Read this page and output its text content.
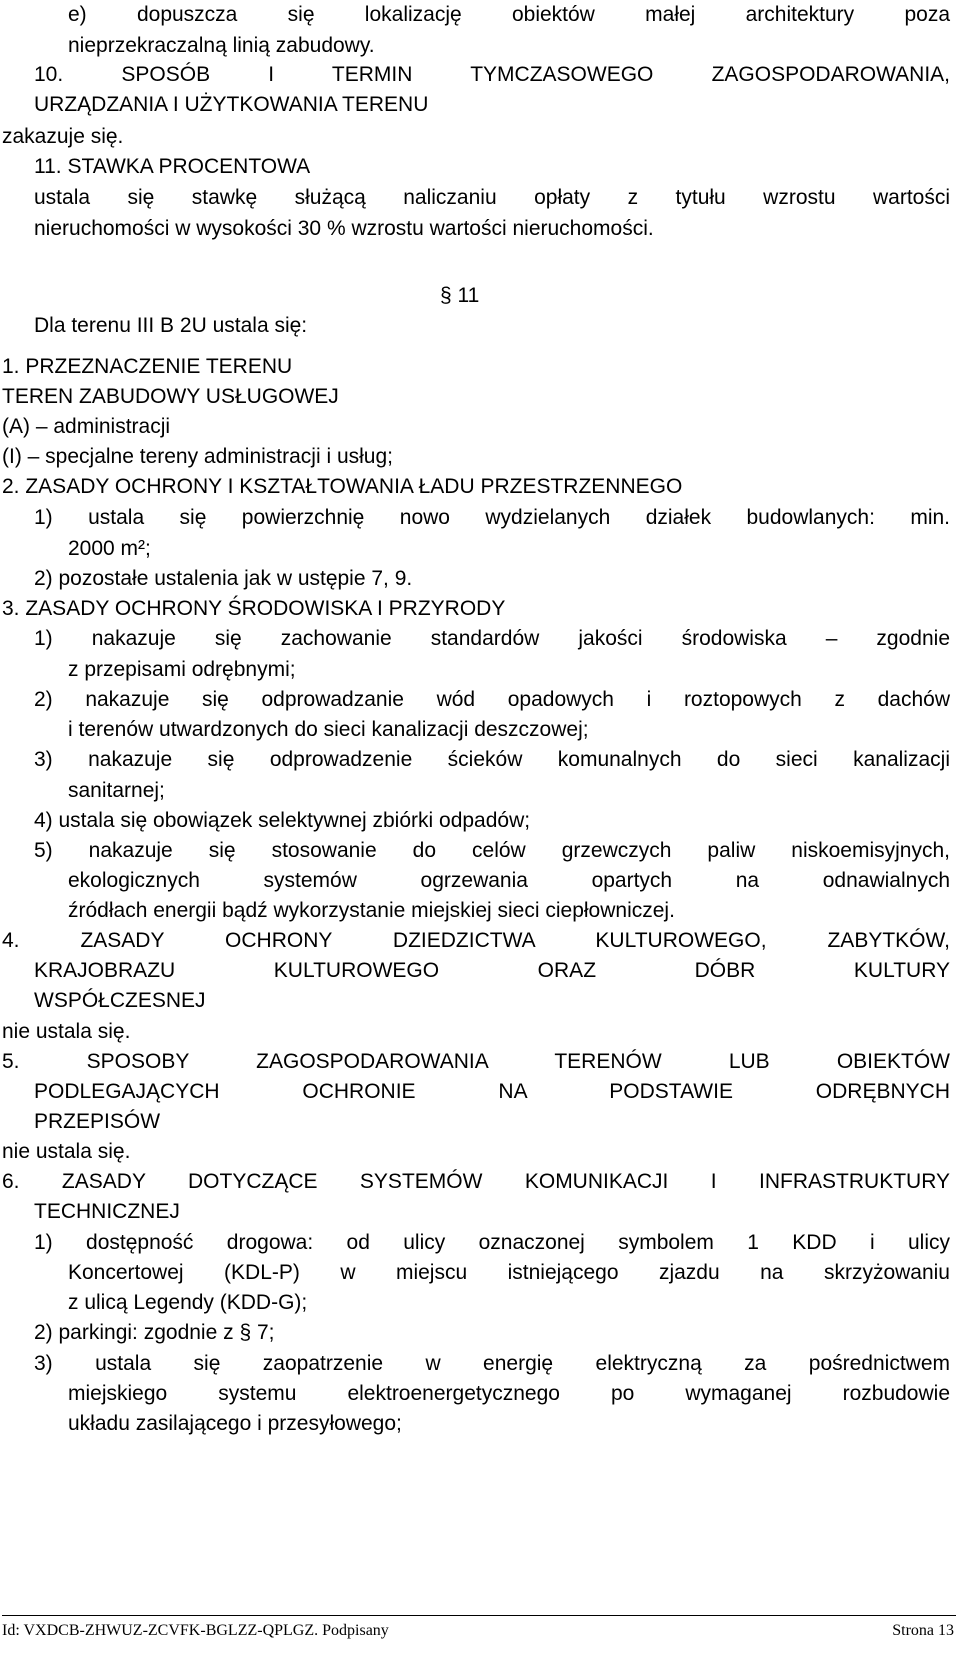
e) dopuszcza się lokalizację obiektów małej architektury poza
nieprzekraczalną linią zabudowy.
10. SPOSÓB I TERMIN TYMCZASOWEGO ZAGOSPODAROWANIA,
URZĄDZANIA I UŻYTKOWANIA TERENU
zakazuje się.
11. STAWKA PROCENTOWA
ustala się stawkę służącą naliczaniu opłaty z tytułu wzrostu wartości
nieruchomości w wysokości 30 % wzrostu wartości nieruchomości.
§ 11
Dla terenu III B 2U ustala się:
1. PRZEZNACZENIE TERENU
TEREN ZABUDOWY USŁUGOWEJ
(A) – administracji
(I) – specjalne tereny administracji i usług;
2. ZASADY OCHRONY I KSZTAŁTOWANIA ŁADU PRZESTRZENNEGO
1) ustala się powierzchnię nowo wydzielanych działek budowlanych: min.
2000 m²;
2) pozostałe ustalenia jak w ustępie 7, 9.
3. ZASADY OCHRONY ŚRODOWISKA I PRZYRODY
1) nakazuje się zachowanie standardów jakości środowiska – zgodnie
z przepisami odrębnymi;
2) nakazuje się odprowadzanie wód opadowych i roztopowych z dachów
i terenów utwardzonych do sieci kanalizacji deszczowej;
3) nakazuje się odprowadzenie ścieków komunalnych do sieci kanalizacji
sanitarnej;
4) ustala się obowiązek selektywnej zbiórki odpadów;
5) nakazuje się stosowanie do celów grzewczych paliw niskoemisyjnych,
ekologicznych systemów ogrzewania opartych na odnawialnych
źródłach energii bądź wykorzystanie miejskiej sieci ciepłowniczej.
4. ZASADY OCHRONY DZIEDZICTWA KULTUROWEGO, ZABYTKÓW,
KRAJOBRAZU KULTUROWEGO ORAZ DÓBR KULTURY
WSPÓŁCZESNEJ
nie ustala się.
5. SPOSOBY ZAGOSPODAROWANIA TERENÓW LUB OBIEKTÓW
PODLEGAJĄCYCH OCHRONIE NA PODSTAWIE ODRĘBNYCH
PRZEPISÓW
nie ustala się.
6. ZASADY DOTYCZĄCE SYSTEMÓW KOMUNIKACJI I INFRASTRUKTURY
TECHNICZNEJ
1) dostępność drogowa: od ulicy oznaczonej symbolem 1 KDD i ulicy
Koncertowej (KDL-P) w miejscu istniejącego zjazdu na skrzyżowaniu
z ulicą Legendy (KDD-G);
2) parkingi: zgodnie z § 7;
3) ustala się zaopatrzenie w energię elektryczną za pośrednictwem
miejskiego systemu elektroenergetycznego po wymaganej rozbudowie
układu zasilającego i przesyłowego;
Id: VXDCB-ZHWUZ-ZCVFK-BGLZZ-QPLGZ. Podpisany	Strona 13
